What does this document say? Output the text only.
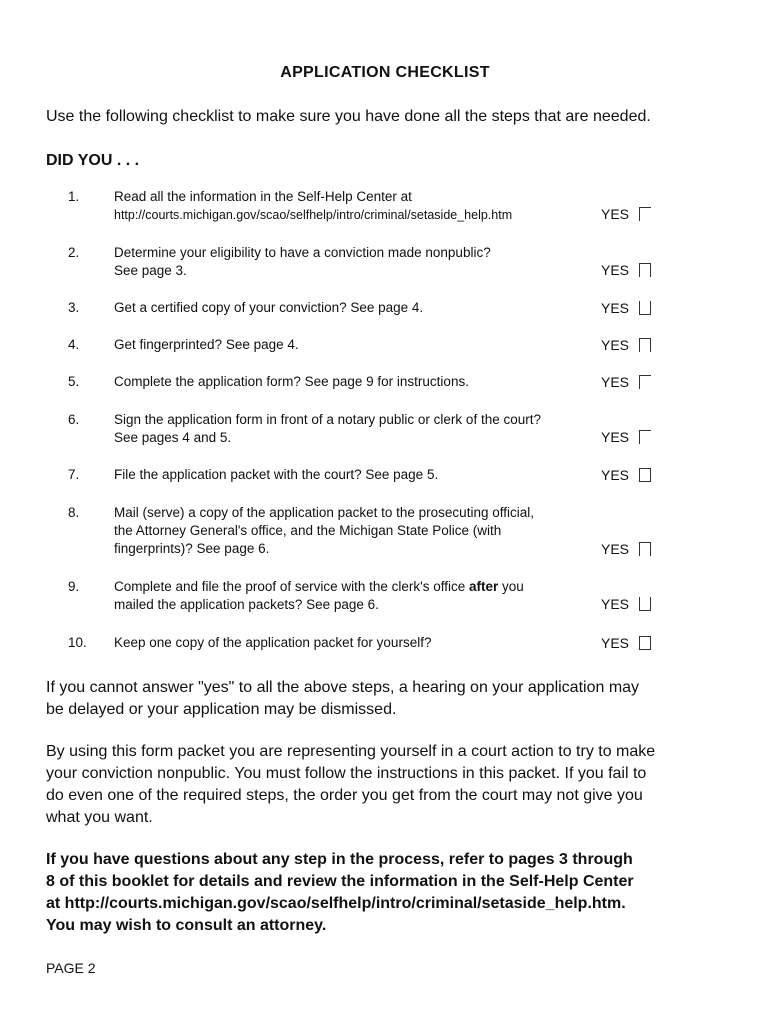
APPLICATION CHECKLIST
Use the following checklist to make sure you have done all the steps that are needed.
DID YOU . . .
1.	Read all the information in the Self-Help Center at
http://courts.michigan.gov/scao/selfhelp/intro/criminal/setaside_help.htm	YES
2.	Determine your eligibility to have a conviction made nonpublic?
See page 3.	YES
3.	Get a certified copy of your conviction? See page 4.	YES
4.	Get fingerprinted? See page 4.	YES
5.	Complete the application form? See page 9 for instructions.	YES
6.	Sign the application form in front of a notary public or clerk of the court?
See pages 4 and 5.	YES
7.	File the application packet with the court? See page 5.	YES
8.	Mail (serve) a copy of the application packet to the prosecuting official,
the Attorney General's office, and the Michigan State Police (with
fingerprints)? See page 6.	YES
9.	Complete and file the proof of service with the clerk's office after you
mailed the application packets? See page 6.	YES
10.	Keep one copy of the application packet for yourself?	YES
If you cannot answer "yes" to all the above steps, a hearing on your application may
be delayed or your application may be dismissed.
By using this form packet you are representing yourself in a court action to try to make
your conviction nonpublic. You must follow the instructions in this packet. If you fail to
do even one of the required steps, the order you get from the court may not give you
what you want.
If you have questions about any step in the process, refer to pages 3 through
8 of this booklet for details and review the information in the Self-Help Center
at http://courts.michigan.gov/scao/selfhelp/intro/criminal/setaside_help.htm.
You may wish to consult an attorney.
PAGE 2
